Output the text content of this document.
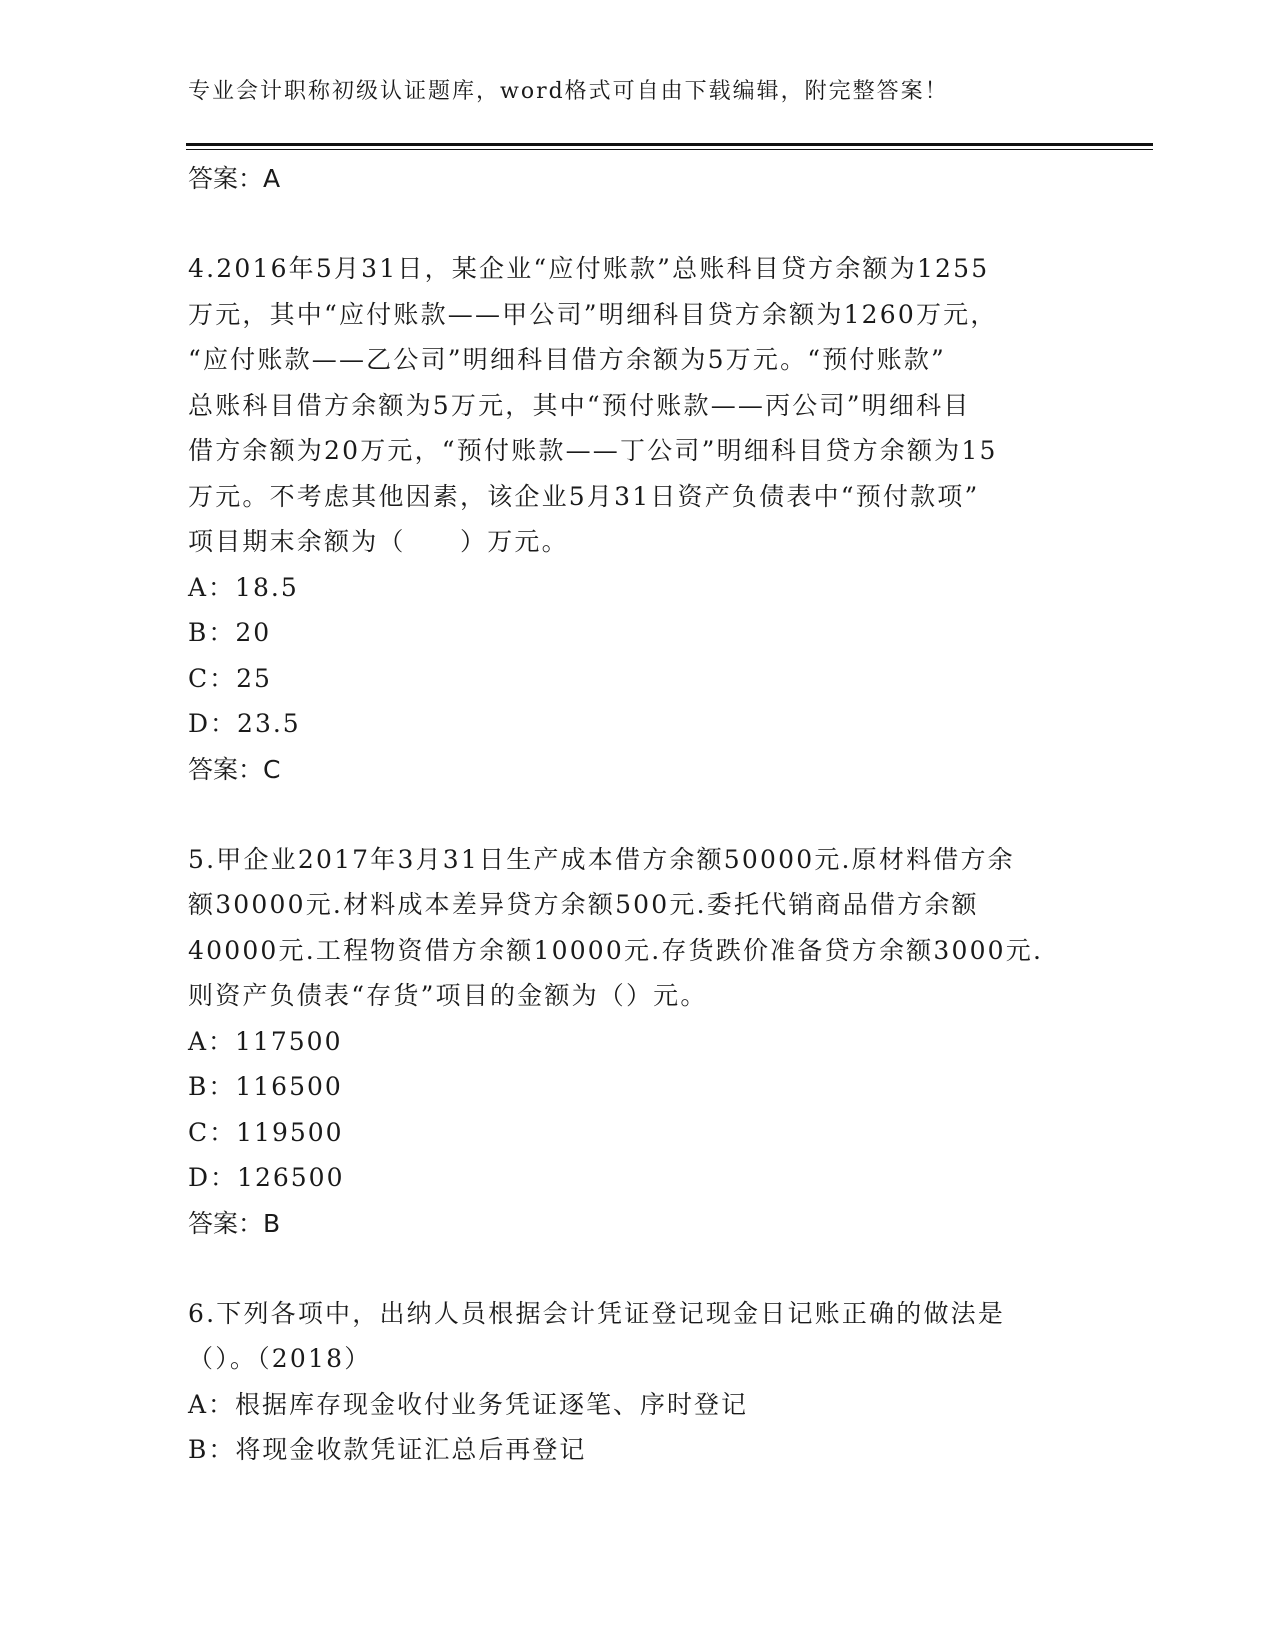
专业会计职称初级认证题库，word格式可自由下载编辑，附完整答案！
答案：A
4.2016年5月31日，某企业“应付账款”总账科目贷方余额为1255
万元，其中“应付账款——甲公司”明细科目贷方余额为1260万元，
“应付账款——乙公司”明细科目借方余额为5万元。“预付账款”
总账科目借方余额为5万元，其中“预付账款——丙公司”明细科目
借方余额为20万元，“预付账款——丁公司”明细科目贷方余额为15
万元。不考虑其他因素，该企业5月31日资产负债表中“预付款项”
项目期末余额为（　　）万元。
A：18.5
B：20
C：25
D：23.5
答案：C
5.甲企业2017年3月31日生产成本借方余额50000元.原材料借方余
额30000元.材料成本差异贷方余额500元.委托代销商品借方余额
40000元.工程物资借方余额10000元.存货跌价准备贷方余额3000元.
则资产负债表“存货”项目的金额为（）元。
A：117500
B：116500
C：119500
D：126500
答案：B
6.下列各项中，出纳人员根据会计凭证登记现金日记账正确的做法是
（）。（2018）
A：根据库存现金收付业务凭证逐笔、序时登记
B：将现金收款凭证汇总后再登记
